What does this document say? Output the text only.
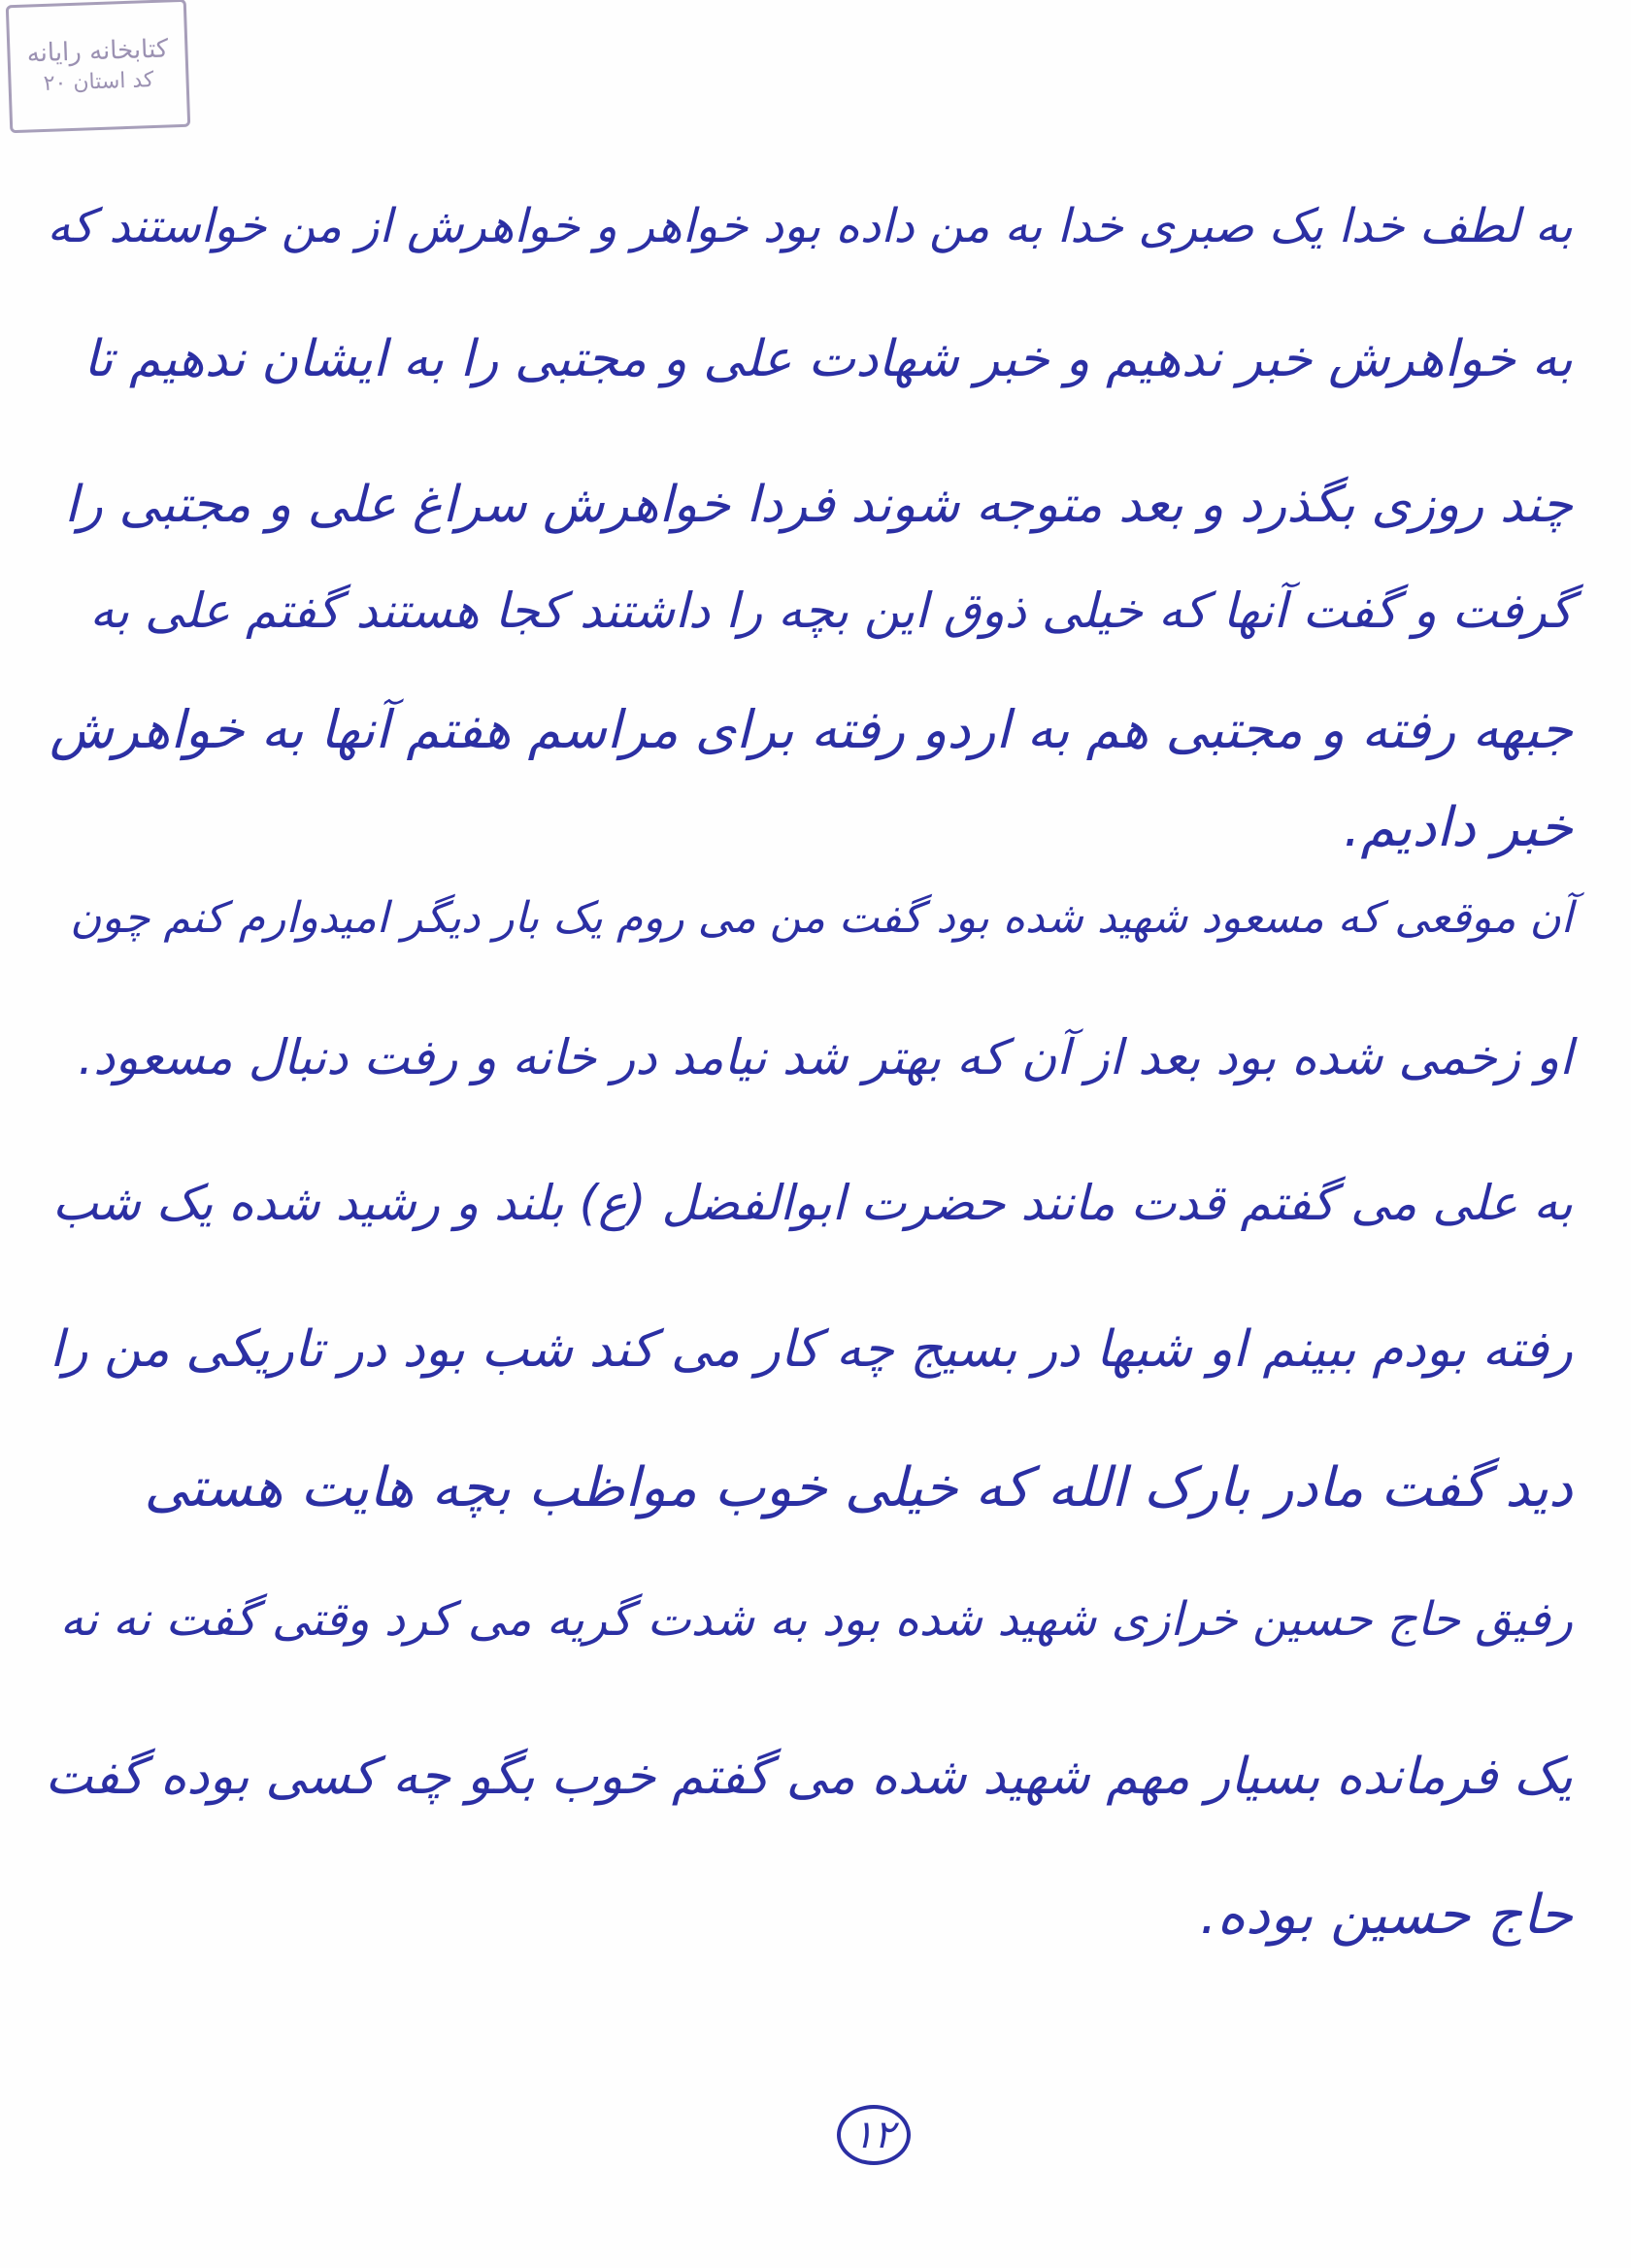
کتابخانه رایانه
کد استان ۲۰
به لطف خدا یک صبری خدا به من داده بود خواهر و خواهرش از من خواستند که
به خواهرش خبر ندهیم و خبر شهادت علی و مجتبی را به ایشان ندهیم تا
چند روزی بگذرد و بعد متوجه شوند فردا خواهرش سراغ علی و مجتبی را
گرفت و گفت آنها که خیلی ذوق این بچه را داشتند کجا هستند گفتم علی به
جبهه رفته و مجتبی هم به اردو رفته برای مراسم هفتم آنها به خواهرش
خبر دادیم.
آن موقعی که مسعود شهید شده بود گفت من می روم یک بار دیگر امیدوارم کنم چون
او زخمی شده بود بعد از آن که بهتر شد نیامد در خانه و رفت دنبال مسعود.
به علی می گفتم قدت مانند حضرت ابوالفضل (ع) بلند و رشید شده یک شب
رفته بودم ببینم او شبها در بسیج چه کار می کند شب بود در تاریکی من را
دید گفت مادر بارک الله که خیلی خوب مواظب بچه هایت هستی
رفیق حاج حسین خرازی شهید شده بود به شدت گریه می کرد وقتی گفت نه نه
یک فرمانده بسیار مهم شهید شده می گفتم خوب بگو چه کسی بوده گفت
حاج حسین بوده.
۱۲
